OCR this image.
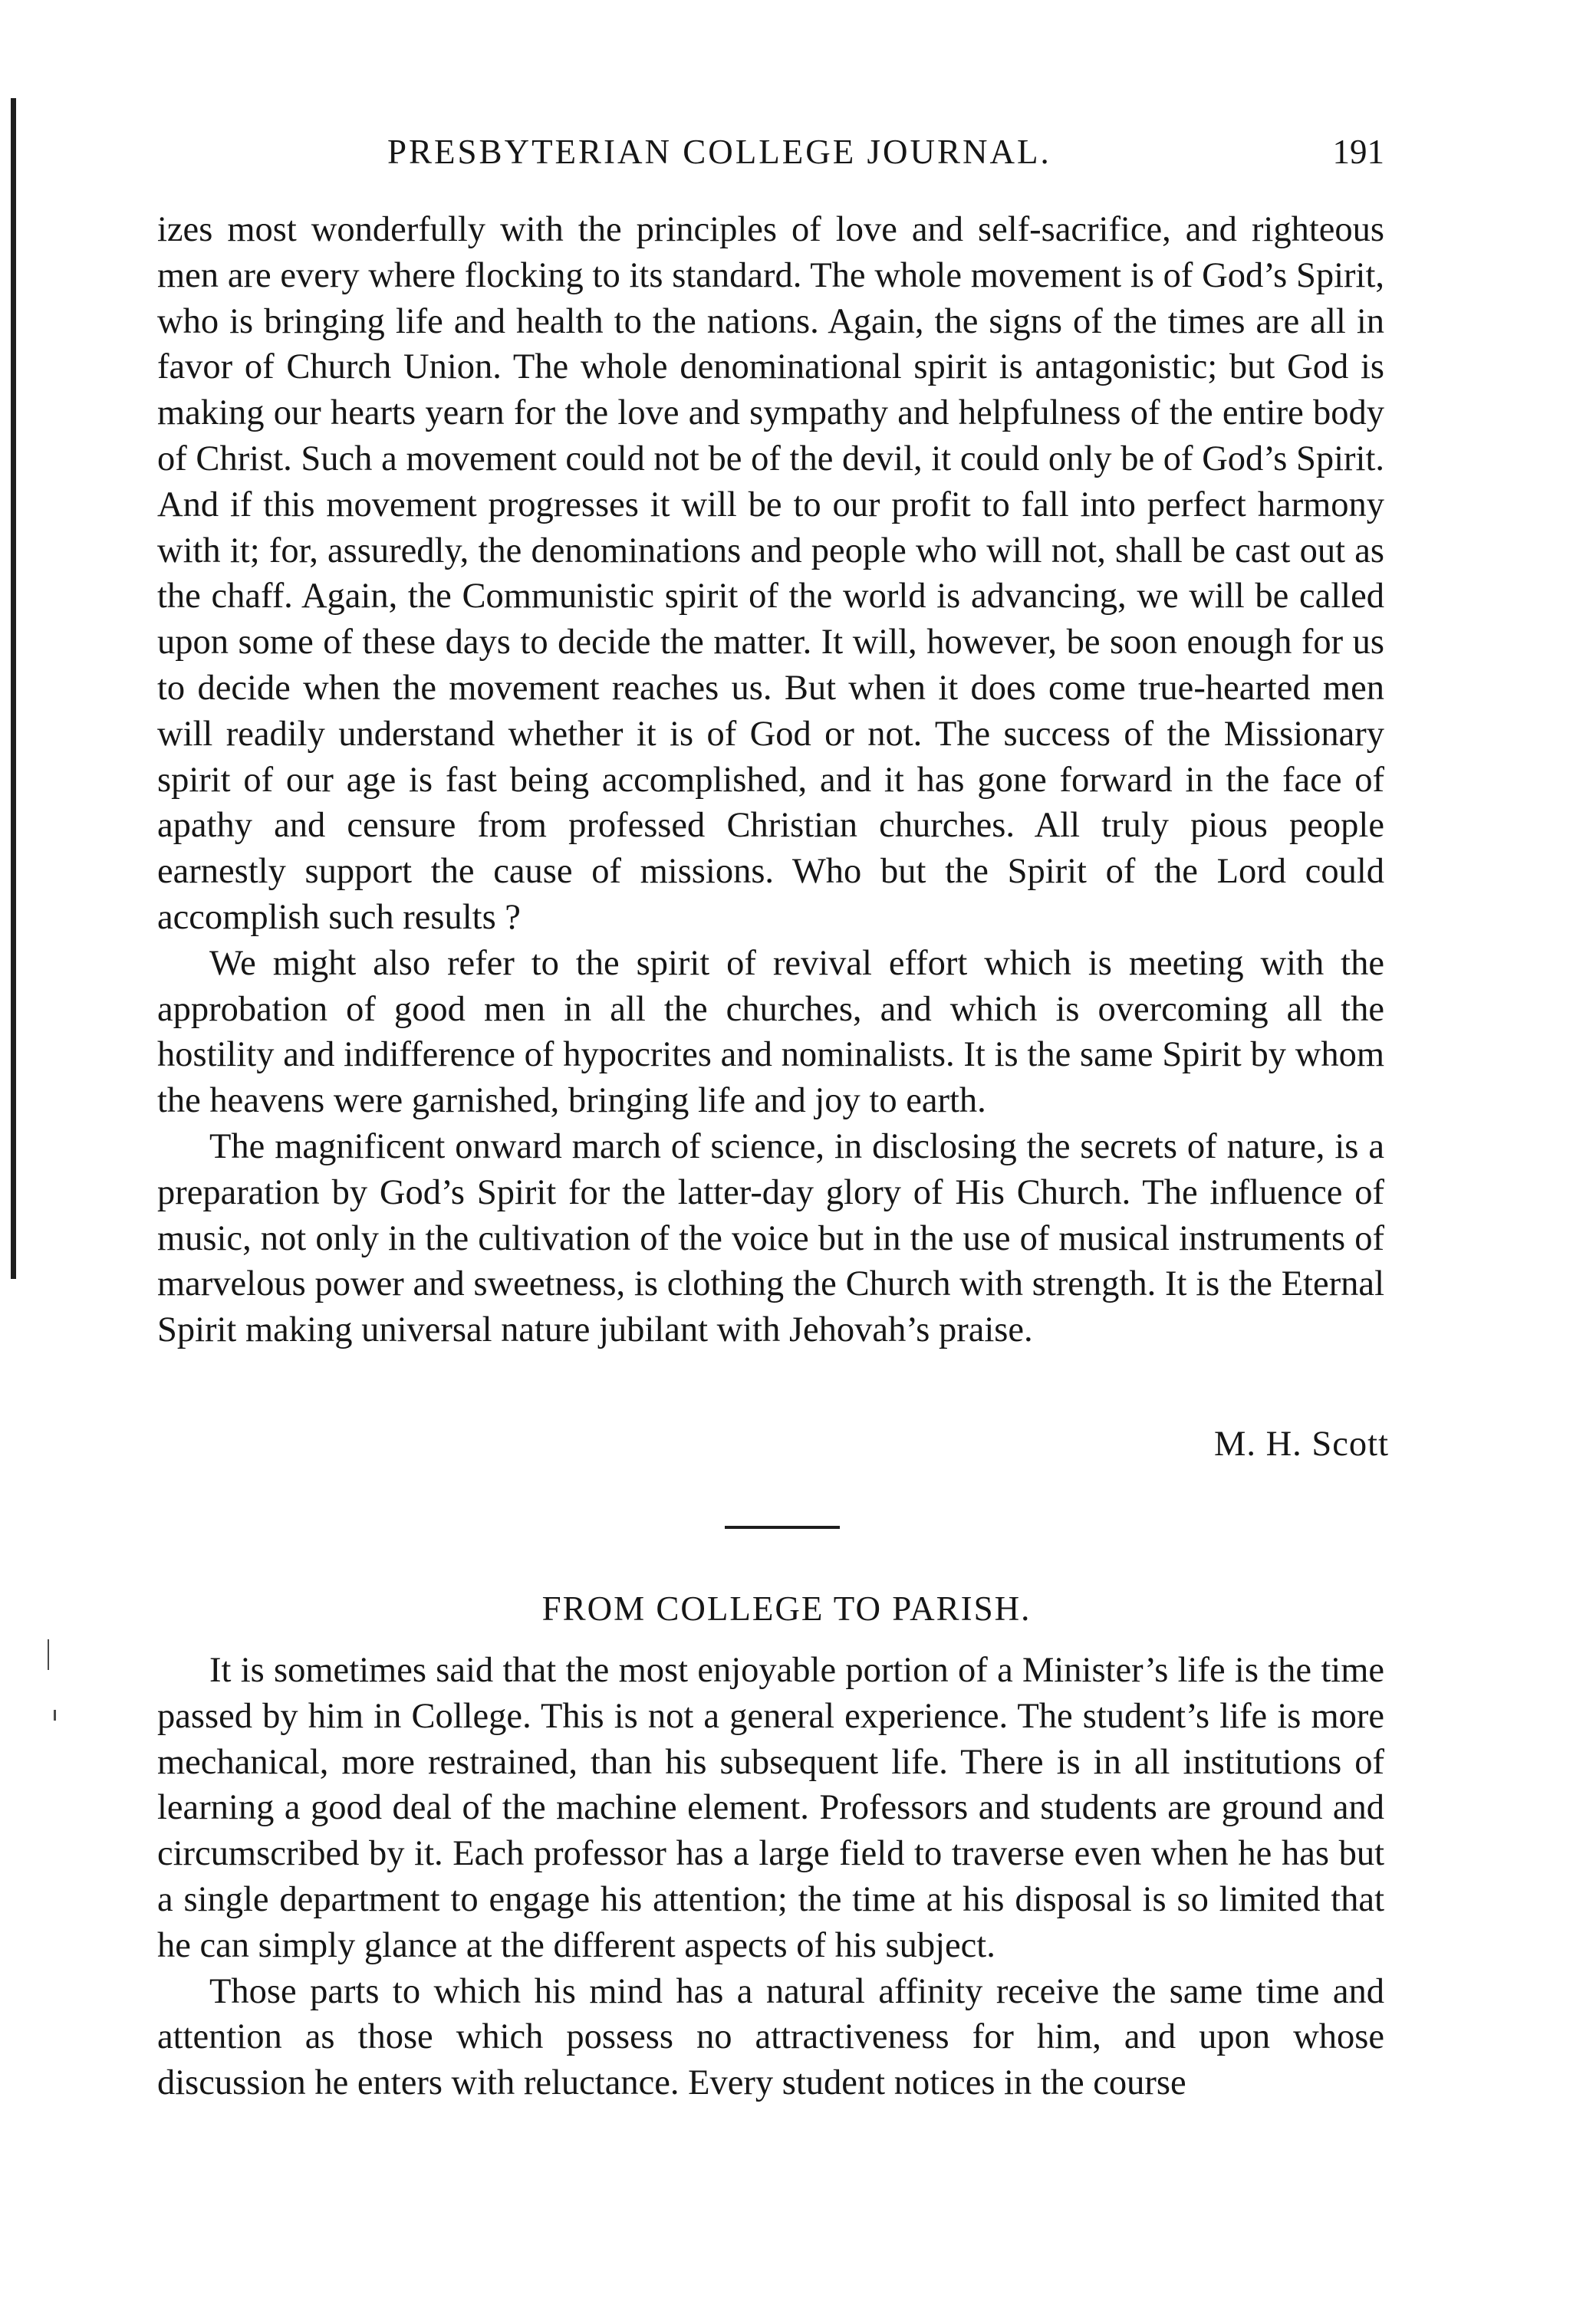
PRESBYTERIAN COLLEGE JOURNAL.	191

izes most wonderfully with the principles of love and self-sacrifice, and righteous men are every where flocking to its standard. The whole movement is of God’s Spirit, who is bringing life and health to the nations. Again, the signs of the times are all in favor of Church Union. The whole denominational spirit is antagonistic; but God is making our hearts yearn for the love and sympathy and helpfulness of the entire body of Christ. Such a movement could not be of the devil, it could only be of God’s Spirit. And if this movement progresses it will be to our profit to fall into perfect harmony with it; for, assuredly, the denominations and people who will not, shall be cast out as the chaff. Again, the Communistic spirit of the world is advancing, we will be called upon some of these days to decide the matter. It will, however, be soon enough for us to decide when the movement reaches us. But when it does come true-hearted men will readily understand whether it is of God or not. The success of the Missionary spirit of our age is fast being accomplished, and it has gone forward in the face of apathy and censure from professed Christian churches. All truly pious people earnestly support the cause of missions. Who but the Spirit of the Lord could accomplish such results ?

We might also refer to the spirit of revival effort which is meeting with the approbation of good men in all the churches, and which is overcoming all the hostility and indifference of hypocrites and nominalists. It is the same Spirit by whom the heavens were garnished, bringing life and joy to earth.

The magnificent onward march of science, in disclosing the secrets of nature, is a preparation by God’s Spirit for the latter-day glory of His Church. The influence of music, not only in the cultivation of the voice but in the use of musical instruments of marvelous power and sweetness, is clothing the Church with strength. It is the Eternal Spirit making universal nature jubilant with Jehovah’s praise.

M. H. Scott
FROM COLLEGE TO PARISH.

It is sometimes said that the most enjoyable portion of a Minister’s life is the time passed by him in College. This is not a general experience. The student’s life is more mechanical, more restrained, than his subsequent life. There is in all institutions of learning a good deal of the machine element. Professors and students are ground and circumscribed by it. Each professor has a large field to traverse even when he has but a single department to engage his attention; the time at his disposal is so limited that he can simply glance at the different aspects of his subject.

Those parts to which his mind has a natural affinity receive the same time and attention as those which possess no attractiveness for him, and upon whose discussion he enters with reluctance. Every student notices in the course
